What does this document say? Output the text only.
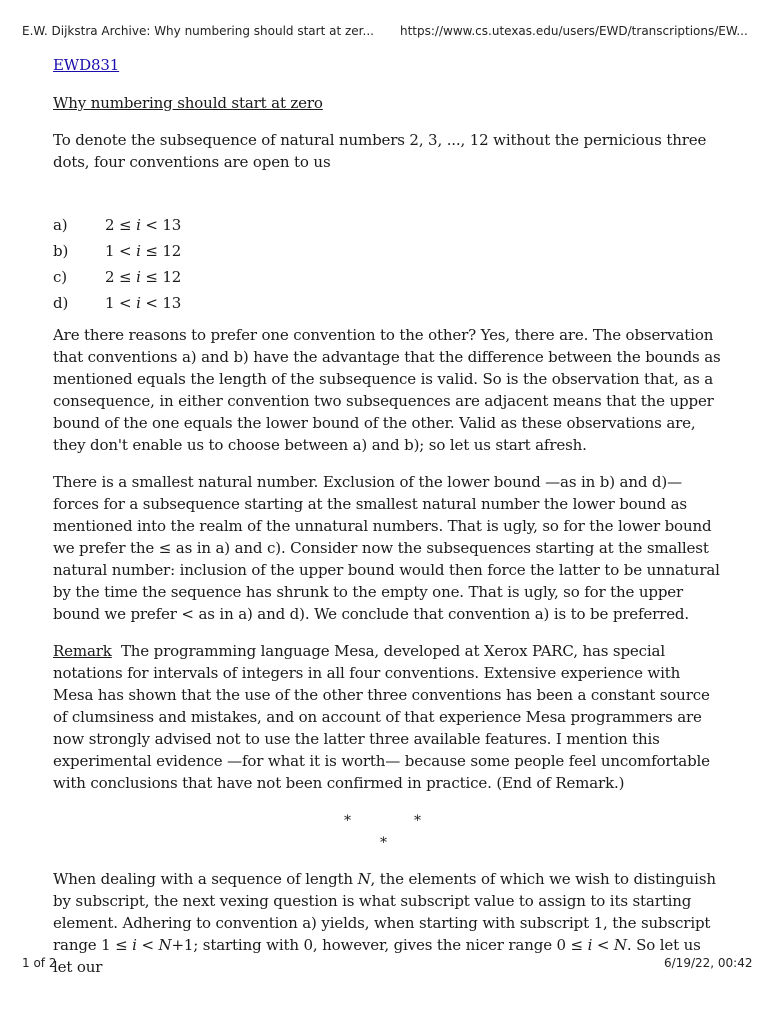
E.W. Dijkstra Archive: Why numbering should start at zer... https://www.cs.utexas.edu/users/EWD/transcriptions/EW...

EWD831

Why numbering should start at zero

To denote the subsequence of natural numbers 2, 3, ..., 12 without the pernicious three dots, four conventions are open to us

a)	2 ≤ i < 13
b)	1 < i ≤ 12
c)	2 ≤ i ≤ 12
d)	1 < i < 13

Are there reasons to prefer one convention to the other? Yes, there are. The observation that conventions a) and b) have the advantage that the difference between the bounds as mentioned equals the length of the subsequence is valid. So is the observation that, as a consequence, in either convention two subsequences are adjacent means that the upper bound of the one equals the lower bound of the other. Valid as these observations are, they don't enable us to choose between a) and b); so let us start afresh.

There is a smallest natural number. Exclusion of the lower bound —as in b) and d)— forces for a subsequence starting at the smallest natural number the lower bound as mentioned into the realm of the unnatural numbers. That is ugly, so for the lower bound we prefer the ≤ as in a) and c). Consider now the subsequences starting at the smallest natural number: inclusion of the upper bound would then force the latter to be unnatural by the time the sequence has shrunk to the empty one. That is ugly, so for the upper bound we prefer < as in a) and d). We conclude that convention a) is to be preferred.

Remark  The programming language Mesa, developed at Xerox PARC, has special notations for intervals of integers in all four conventions. Extensive experience with Mesa has shown that the use of the other three conventions has been a constant source of clumsiness and mistakes, and on account of that experience Mesa programmers are now strongly advised not to use the latter three available features. I mention this experimental evidence —for what it is worth— because some people feel uncomfortable with conclusions that have not been confirmed in practice. (End of Remark.)

*	*
*

When dealing with a sequence of length N, the elements of which we wish to distinguish by subscript, the next vexing question is what subscript value to assign to its starting element. Adhering to convention a) yields, when starting with subscript 1, the subscript range 1 ≤ i < N+1; starting with 0, however, gives the nicer range 0 ≤ i < N. So let us let our

1 of 2	6/19/22, 00:42
